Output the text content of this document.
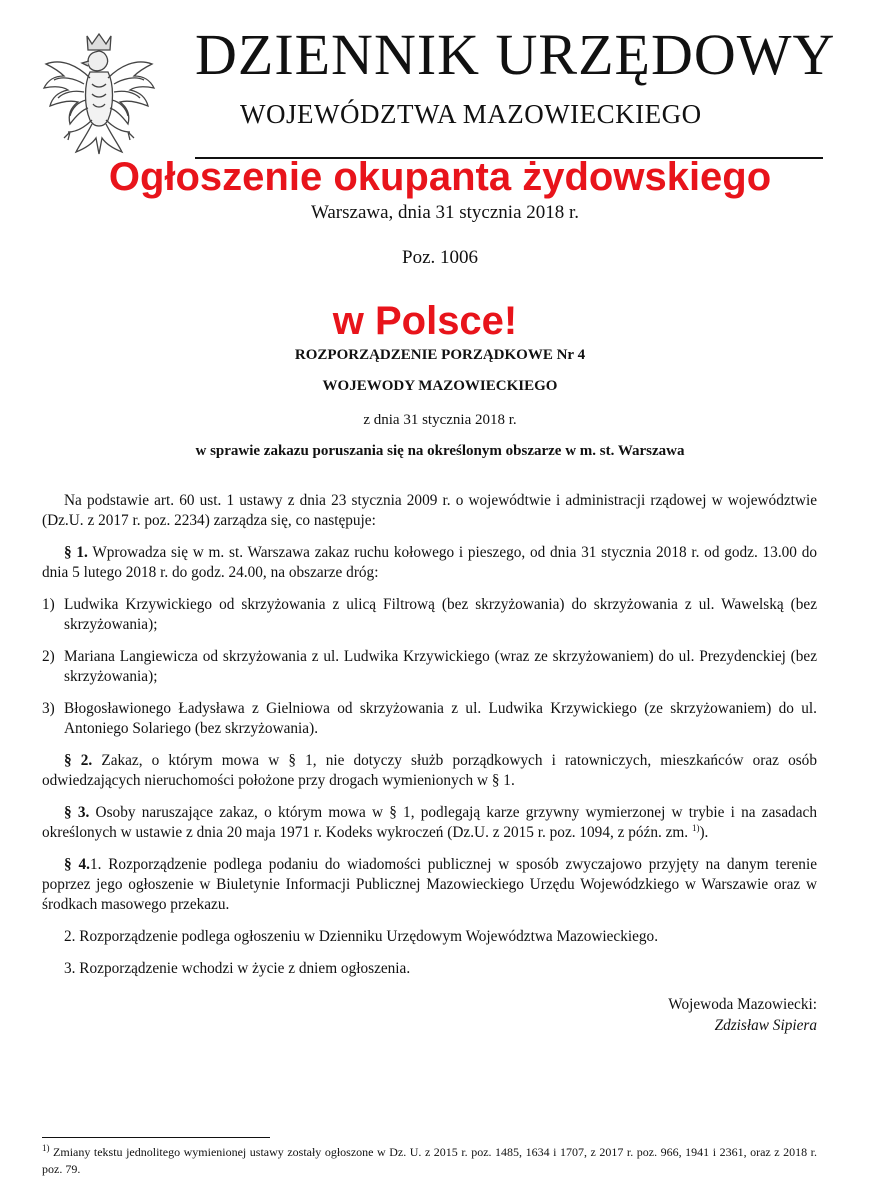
DZIENNIK URZĘDOWY
WOJEWÓDZTWA MAZOWIECKIEGO
Warszawa, dnia 31 stycznia 2018 r.
Poz. 1006
Ogłoszenie okupanta żydowskiego
w Polsce!
ROZPORZĄDZENIE PORZĄDKOWE Nr 4
WOJEWODY MAZOWIECKIEGO
z dnia 31 stycznia 2018 r.
w sprawie zakazu poruszania się na określonym obszarze w m. st. Warszawa

Na podstawie art. 60 ust. 1 ustawy z dnia 23 stycznia 2009 r. o wojewódtwie i administracji rządowej w województwie (Dz.U. z 2017 r. poz. 2234) zarządza się, co następuje:

§ 1. Wprowadza się w m. st. Warszawa zakaz ruchu kołowego i pieszego, od dnia 31 stycznia 2018 r. od godz. 13.00 do dnia 5 lutego 2018 r. do godz. 24.00, na obszarze dróg:

1) Ludwika Krzywickiego od skrzyżowania z ulicą Filtrową (bez skrzyżowania) do skrzyżowania z ul. Wawelską (bez skrzyżowania);
2) Mariana Langiewicza od skrzyżowania z ul. Ludwika Krzywickiego (wraz ze skrzyżowaniem) do ul. Prezydenckiej (bez skrzyżowania);
3) Błogosławionego Ładysława z Gielniowa od skrzyżowania z ul. Ludwika Krzywickiego (ze skrzyżowaniem) do ul. Antoniego Solariego (bez skrzyżowania).

§ 2. Zakaz, o którym mowa w § 1, nie dotyczy służb porządkowych i ratowniczych, mieszkańców oraz osób odwiedzających nieruchomości położone przy drogach wymienionych w § 1.

§ 3. Osoby naruszające zakaz, o którym mowa w § 1, podlegają karze grzywny wymierzonej w trybie i na zasadach określonych w ustawie z dnia 20 maja 1971 r. Kodeks wykroczeń (Dz.U. z 2015 r. poz. 1094, z późn. zm. $^{1)}$).

§ 4.1. Rozporządzenie podlega podaniu do wiadomości publicznej w sposób zwyczajowo przyjęty na danym terenie poprzez jego ogłoszenie w Biuletynie Informacji Publicznej Mazowieckiego Urzędu Wojewódzkiego w Warszawie oraz w środkach masowego przekazu.

2. Rozporządzenie podlega ogłoszeniu w Dzienniku Urzędowym Województwa Mazowieckiego.

3. Rozporządzenie wchodzi w życie z dniem ogłoszenia.

Wojewoda Mazowiecki:
Zdzisław Sipiera
$^{1)}$ Zmiany tekstu jednolitego wymienionej ustawy zostały ogłoszone w Dz. U. z 2015 r. poz. 1485, 1634 i 1707, z 2017 r. poz. 966, 1941 i 2361, oraz z 2018 r. poz. 79.
